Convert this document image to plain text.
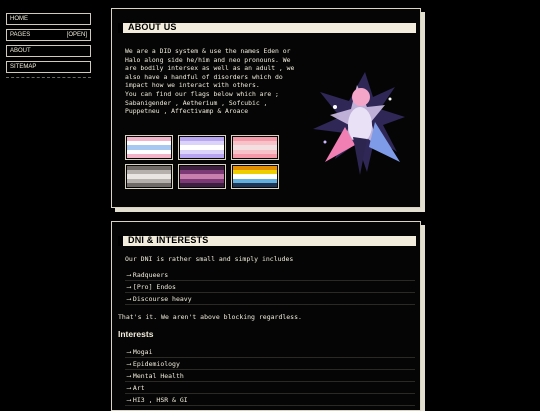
HOME
PAGES	[OPEN]
ABOUT
SITEMAP
ABOUT US
We are a DID system & use the names Eden or Halo along side he/him and neo pronouns. We are bodily intersex as well as an adult , we also have a handful of disorders which do impact how we interact with others.
You can find our flags below which are ; Sabanigender , Aetherium , Sofcubic , Puppetneu , Affectivamp & Aroace
DNI & INTERESTS
Our DNI is rather small and simply includes
⟶ Radqueers
⟶ [Pro] Endos
⟶ Discourse heavy
That's it. We aren't above blocking regardless.
Interests
⟶ Mogai
⟶ Epidemiology
⟶ Mental Health
⟶ Art
⟶ HI3 , HSR & GI
